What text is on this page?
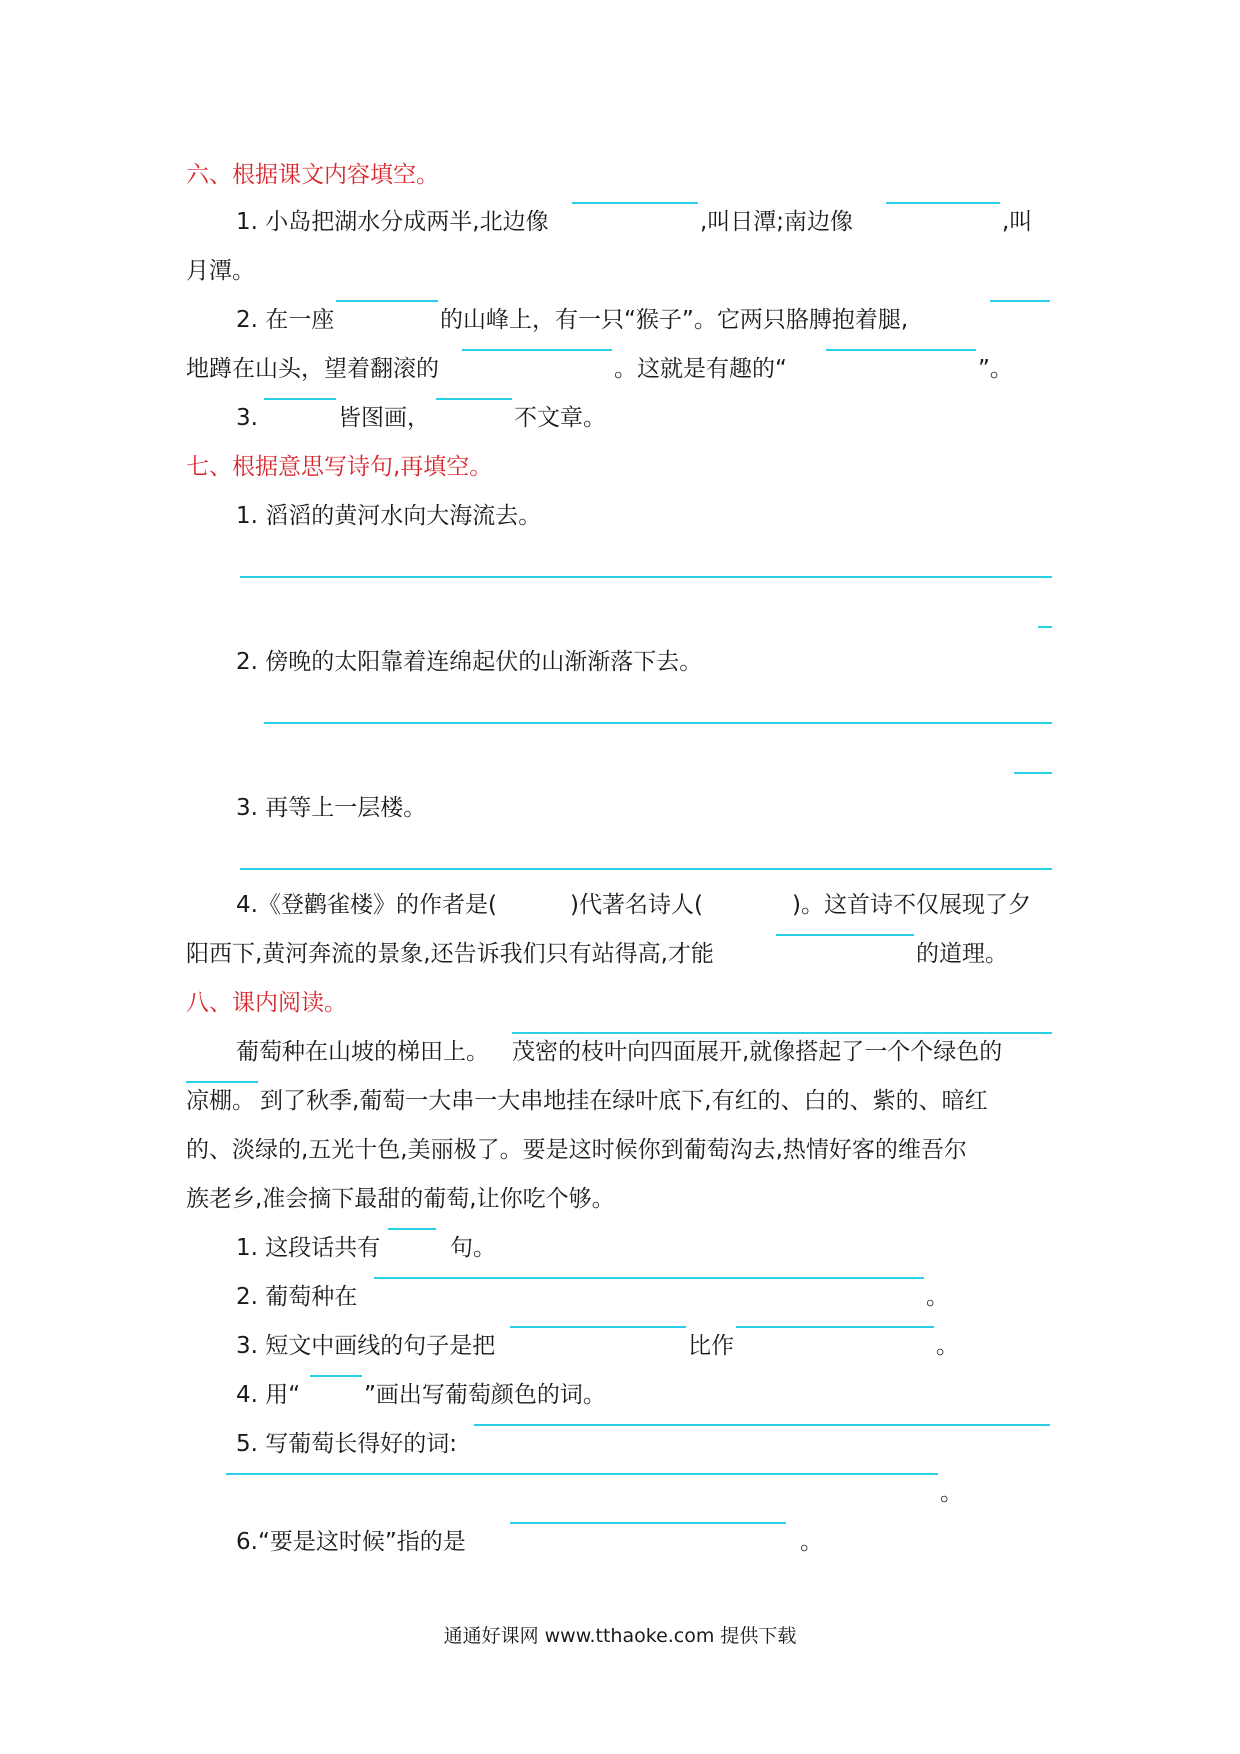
六、根据课文内容填空。
1. 小岛把湖水分成两半,北边像	,叫日潭;南边像	,叫
月潭。
2. 在一座	的山峰上，有一只“猴子”。它两只胳膊抱着腿,
地蹲在山头，望着翻滚的	。这就是有趣的“	”。
3.	皆图画，	不文章。
七、根据意思写诗句,再填空。
1. 滔滔的黄河水向大海流去。
2. 傍晚的太阳靠着连绵起伏的山渐渐落下去。
3. 再等上一层楼。
4.《登鹳雀楼》的作者是(	)代著名诗人(	)。这首诗不仅展现了夕
阳西下,黄河奔流的景象,还告诉我们只有站得高,才能	的道理。
八、课内阅读。
葡萄种在山坡的梯田上。 茂密的枝叶向四面展开,就像搭起了一个个绿色的
凉棚。 到了秋季,葡萄一大串一大串地挂在绿叶底下,有红的、白的、紫的、暗红
的、淡绿的,五光十色,美丽极了。要是这时候你到葡萄沟去,热情好客的维吾尔
族老乡,准会摘下最甜的葡萄,让你吃个够。
1. 这段话共有	句。
2. 葡萄种在	。
3. 短文中画线的句子是把	比作	。
4. 用“	”画出写葡萄颜色的词。
5. 写葡萄长得好的词:
。
6.“要是这时候”指的是	。
通通好课网 www.tthaoke.com 提供下载
